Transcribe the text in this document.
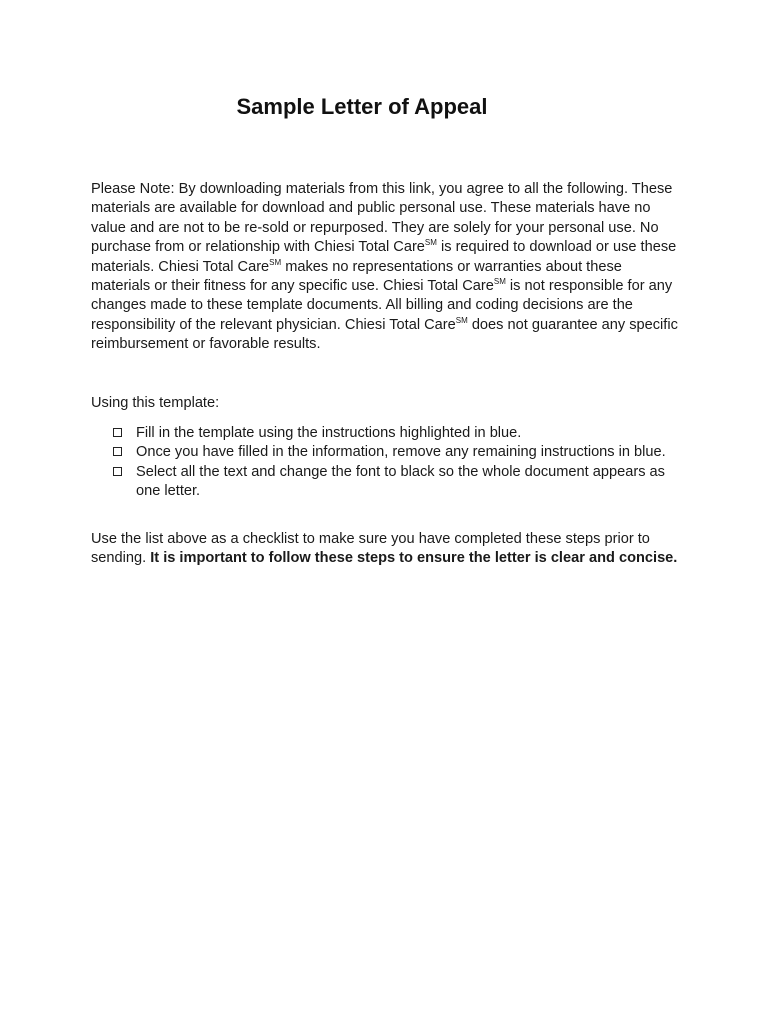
Sample Letter of Appeal

Please Note: By downloading materials from this link, you agree to all the following. These materials are available for download and public personal use. These materials have no value and are not to be re-sold or repurposed. They are solely for your personal use. No purchase from or relationship with Chiesi Total Care℠ is required to download or use these materials. Chiesi Total Care℠ makes no representations or warranties about these materials or their fitness for any specific use. Chiesi Total Care℠ is not responsible for any changes made to these template documents. All billing and coding decisions are the responsibility of the relevant physician. Chiesi Total Care℠ does not guarantee any specific reimbursement or favorable results.

Using this template:

Fill in the template using the instructions highlighted in blue.
Once you have filled in the information, remove any remaining instructions in blue.
Select all the text and change the font to black so the whole document appears as one letter.

Use the list above as a checklist to make sure you have completed these steps prior to sending. It is important to follow these steps to ensure the letter is clear and concise.
